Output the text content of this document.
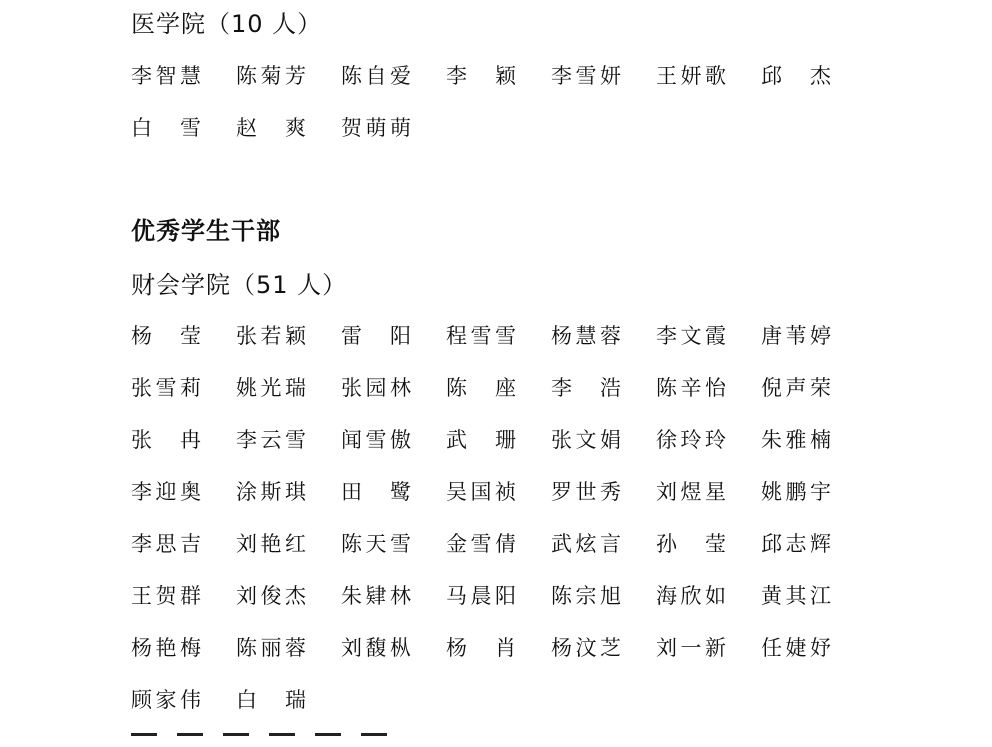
医学院（10 人）
李 智 慧 陈 菊 芳 陈 自 爱 李 颖 李 雪 妍 王 妍 歌 邱 杰
白 雪 赵 爽 贺 萌 萌
优秀学生干部
财会学院（51 人）
杨 莹 张 若 颖 雷 阳 程 雪 雪 杨 慧 蓉 李 文 霞 唐 苇 婷
张 雪 莉 姚 光 瑞 张 园 林 陈 座 李 浩 陈 辛 怡 倪 声 荣
张 冉 李 云 雪 闻 雪 傲 武 珊 张 文 娟 徐 玲 玲 朱 雅 楠
李 迎 奥 涂 斯 琪 田 鹭 吴 国 祯 罗 世 秀 刘 煜 星 姚 鹏 宇
李 思 吉 刘 艳 红 陈 天 雪 金 雪 倩 武 炫 言 孙 莹 邱 志 辉
王 贺 群 刘 俊 杰 朱 肄 林 马 晨 阳 陈 宗 旭 海 欣 如 黄 其 江
杨 艳 梅 陈 丽 蓉 刘 馥 枞 杨 肖 杨 汶 芝 刘 一 新 任 婕 妤
顾 家 伟 白 瑞
